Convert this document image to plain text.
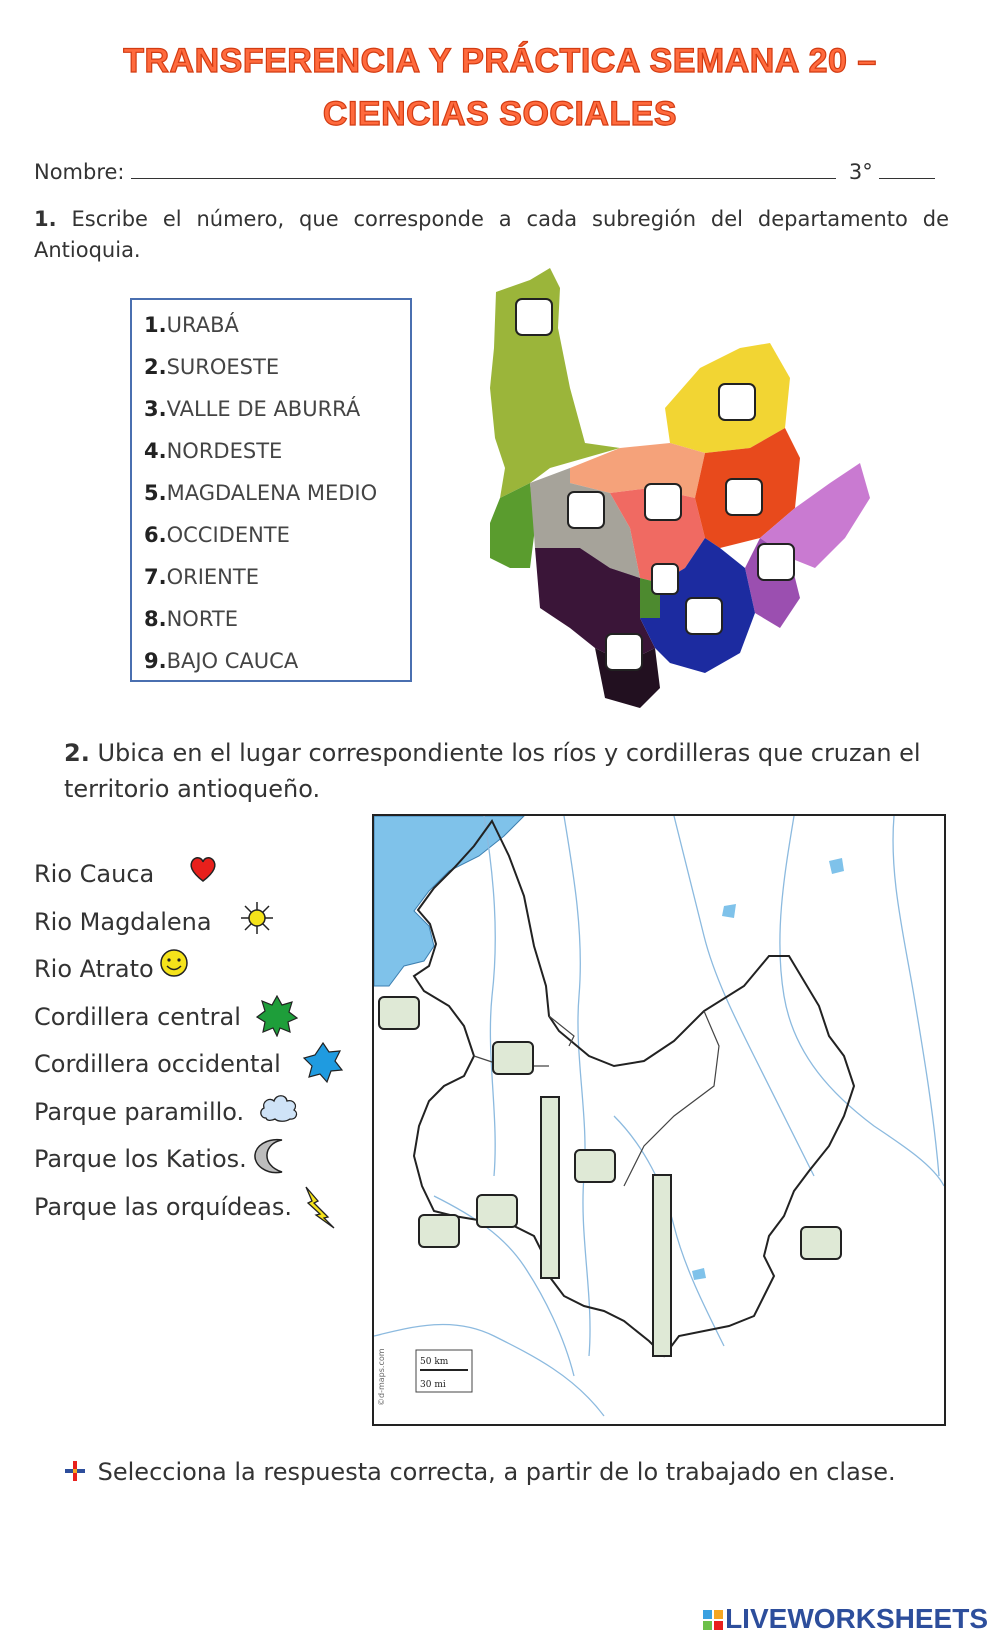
TRANSFERENCIA Y PRÁCTICA SEMANA 20 –
CIENCIAS SOCIALES
Nombre:	3°
1. Escribe el número, que corresponde a cada subregión del departamento de Antioquia.
1.URABÁ
2.SUROESTE
3.VALLE DE ABURRÁ
4.NORDESTE
5.MAGDALENA MEDIO
6.OCCIDENTE
7.ORIENTE
8.NORTE
9.BAJO CAUCA
2. Ubica en el lugar correspondiente los ríos y cordilleras que cruzan el territorio antioqueño.
Rio Cauca
Rio Magdalena
Rio Atrato
Cordillera central
Cordillera occidental
Parque paramillo.
Parque los Katios.
Parque las orquídeas.
50 km
30 mi
©d-maps.com
Selecciona la respuesta correcta, a partir de lo trabajado en clase.
LIVEWORKSHEETS
